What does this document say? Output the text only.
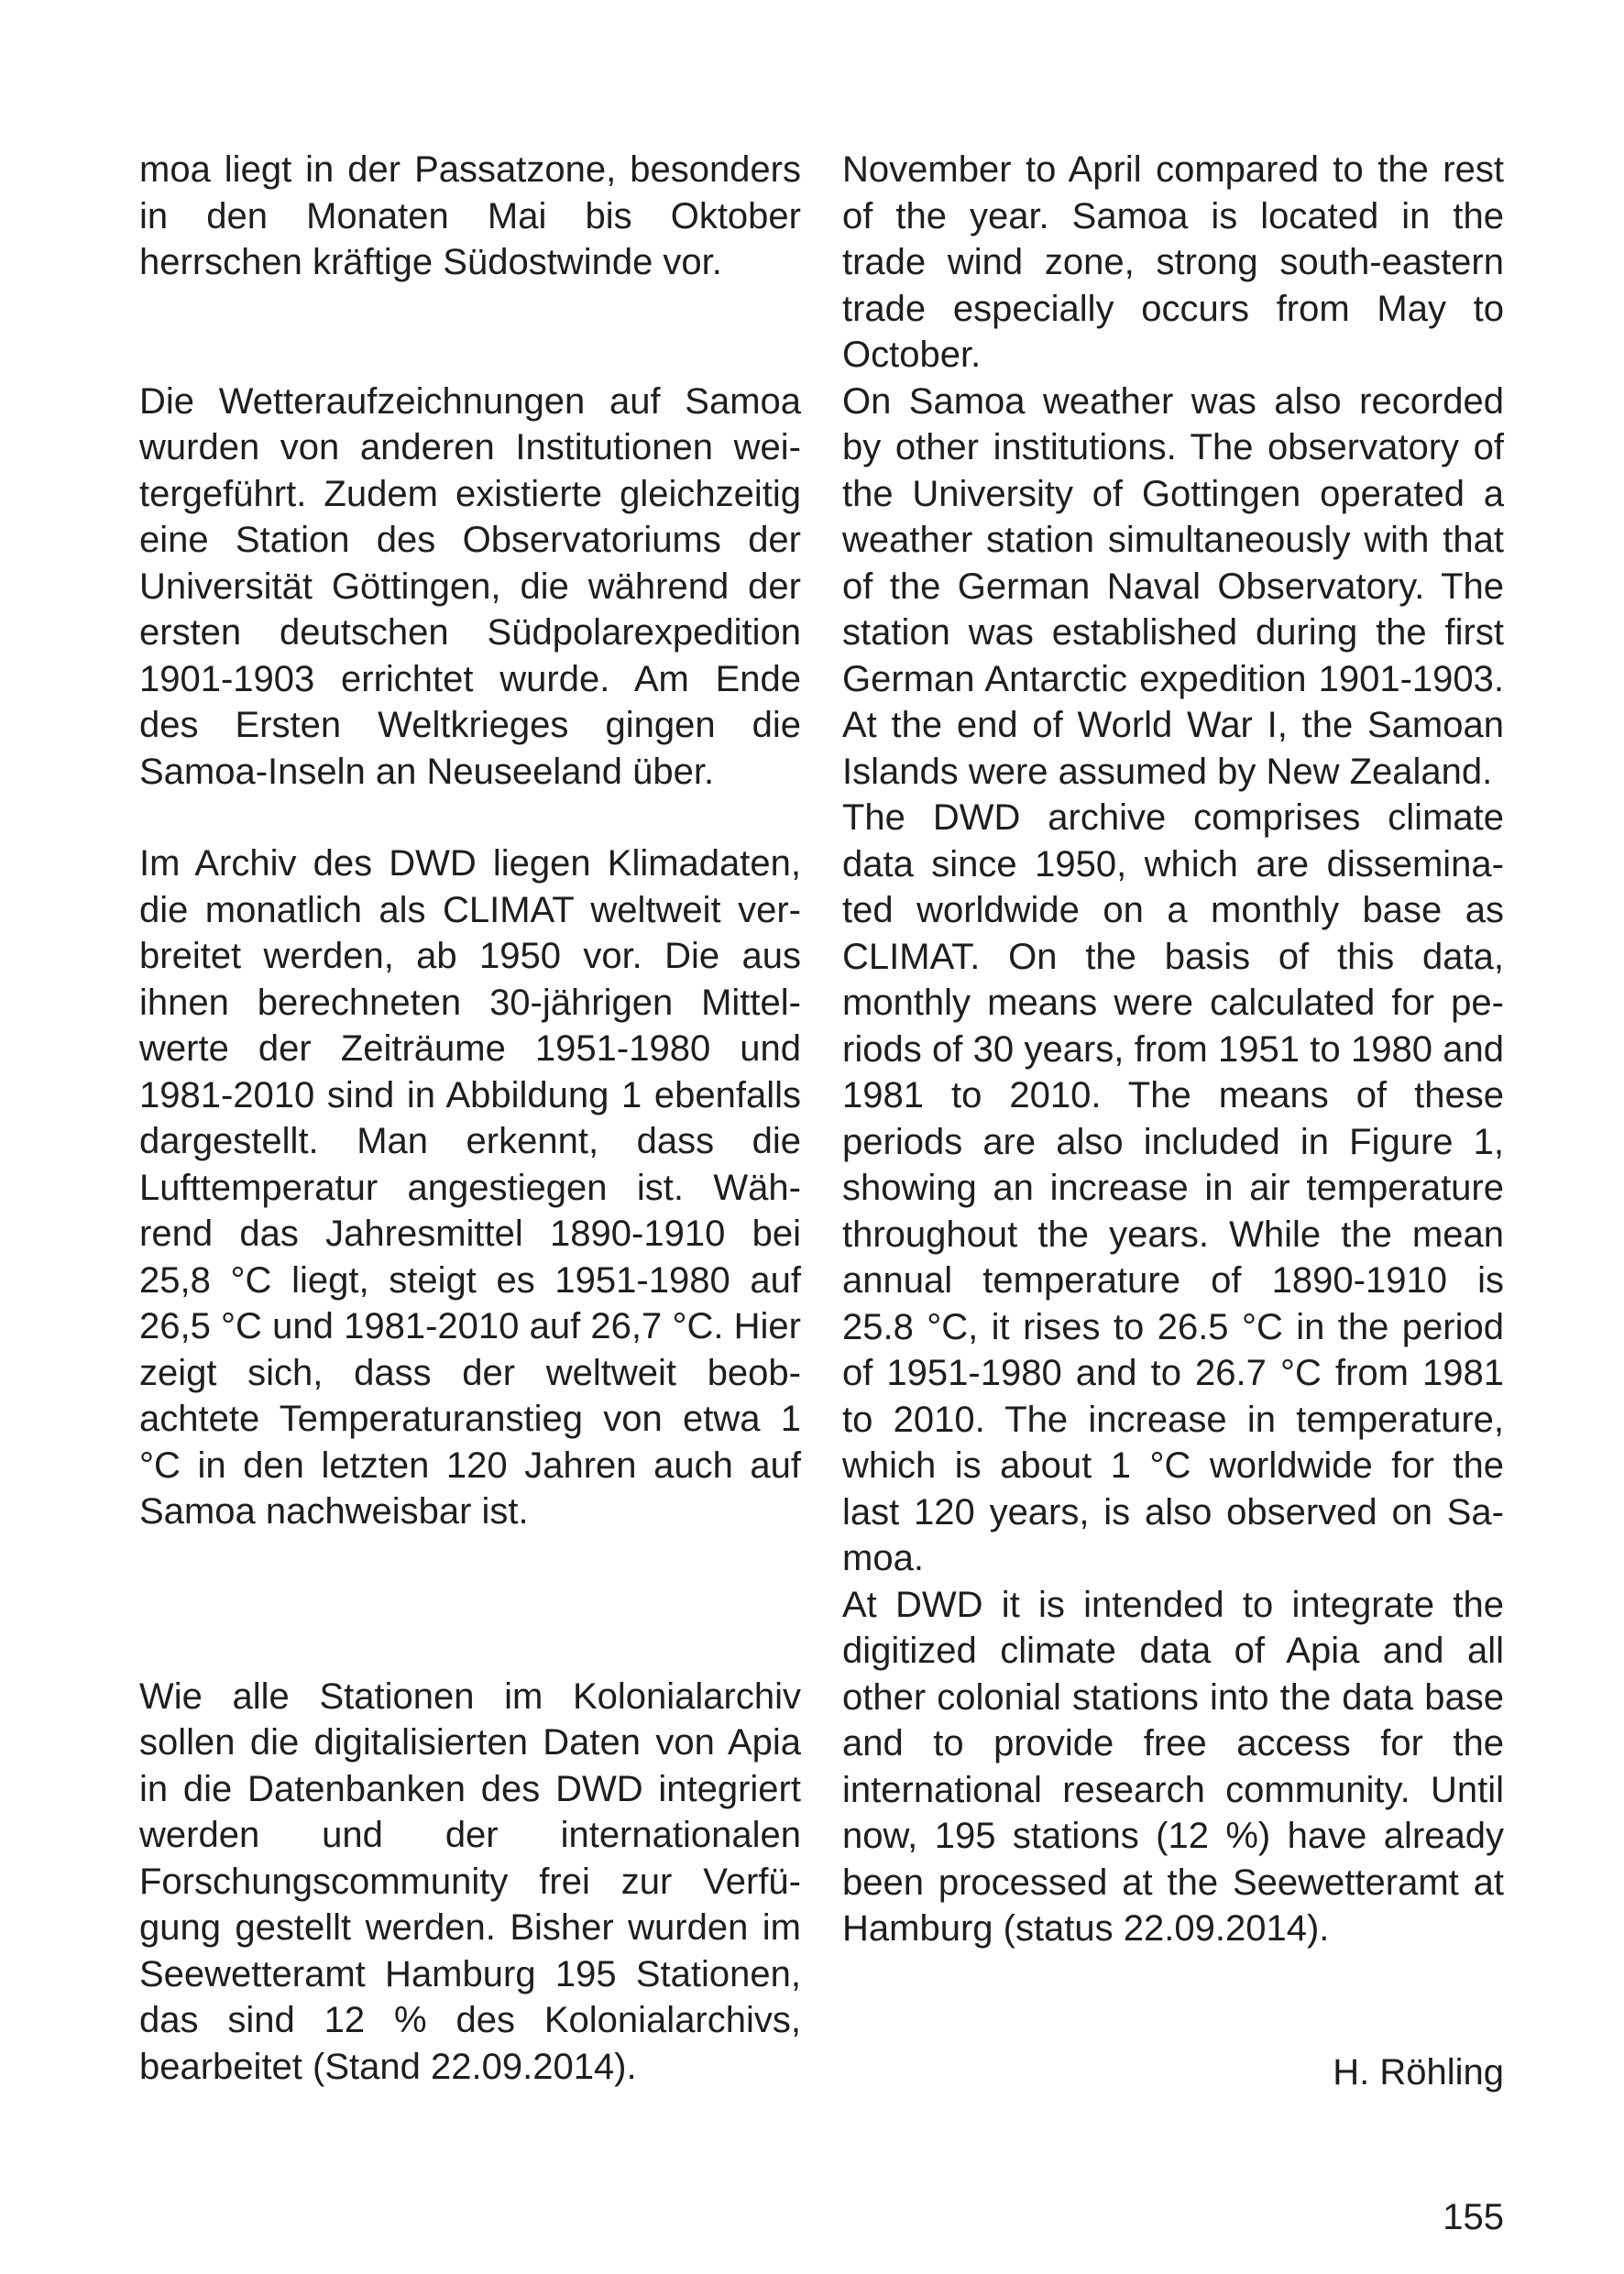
moa liegt in der Passatzone, besonders in den Monaten Mai bis Oktober herrschen kräftige Südostwinde vor.

Die Wetteraufzeichnungen auf Samoa wurden von anderen Institutionen weitergeführt. Zudem existierte gleichzeitig eine Station des Observatoriums der Universität Göttingen, die während der ersten deutschen Südpolarexpedition 1901-1903 errichtet wurde. Am Ende des Ersten Weltkrieges gingen die Samoa-Inseln an Neuseeland über.

Im Archiv des DWD liegen Klimadaten, die monatlich als CLIMAT weltweit verbreitet werden, ab 1950 vor. Die aus ihnen berechneten 30-jährigen Mittelwerte der Zeiträume 1951-1980 und 1981-2010 sind in Abbildung 1 ebenfalls dargestellt. Man erkennt, dass die Lufttemperatur angestiegen ist. Während das Jahresmittel 1890-1910 bei 25,8 °C liegt, steigt es 1951-1980 auf 26,5 °C und 1981-2010 auf 26,7 °C. Hier zeigt sich, dass der weltweit beobachtete Temperaturanstieg von etwa 1 °C in den letzten 120 Jahren auch auf Samoa nachweisbar ist.

Wie alle Stationen im Kolonialarchiv sollen die digitalisierten Daten von Apia in die Datenbanken des DWD integriert werden und der internationalen Forschungscommunity frei zur Verfügung gestellt werden. Bisher wurden im Seewetteramt Hamburg 195 Stationen, das sind 12 % des Kolonialarchivs, bearbeitet (Stand 22.09.2014).

November to April compared to the rest of the year. Samoa is located in the trade wind zone, strong south-eastern trade especially occurs from May to October.

On Samoa weather was also recorded by other institutions. The observatory of the University of Gottingen operated a weather station simultaneously with that of the German Naval Observatory. The station was established during the first German Antarctic expedition 1901-1903. At the end of World War I, the Samoan Islands were assumed by New Zealand.

The DWD archive comprises climate data since 1950, which are disseminated worldwide on a monthly base as CLIMAT. On the basis of this data, monthly means were calculated for periods of 30 years, from 1951 to 1980 and 1981 to 2010. The means of these periods are also included in Figure 1, showing an increase in air temperature throughout the years. While the mean annual temperature of 1890-1910 is 25.8 °C, it rises to 26.5 °C in the period of 1951-1980 and to 26.7 °C from 1981 to 2010. The increase in temperature, which is about 1 °C worldwide for the last 120 years, is also observed on Samoa.

At DWD it is intended to integrate the digitized climate data of Apia and all other colonial stations into the data base and to provide free access for the international research community. Until now, 195 stations (12 %) have already been processed at the Seewetteramt at Hamburg (status 22.09.2014).

H. Röhling
155
